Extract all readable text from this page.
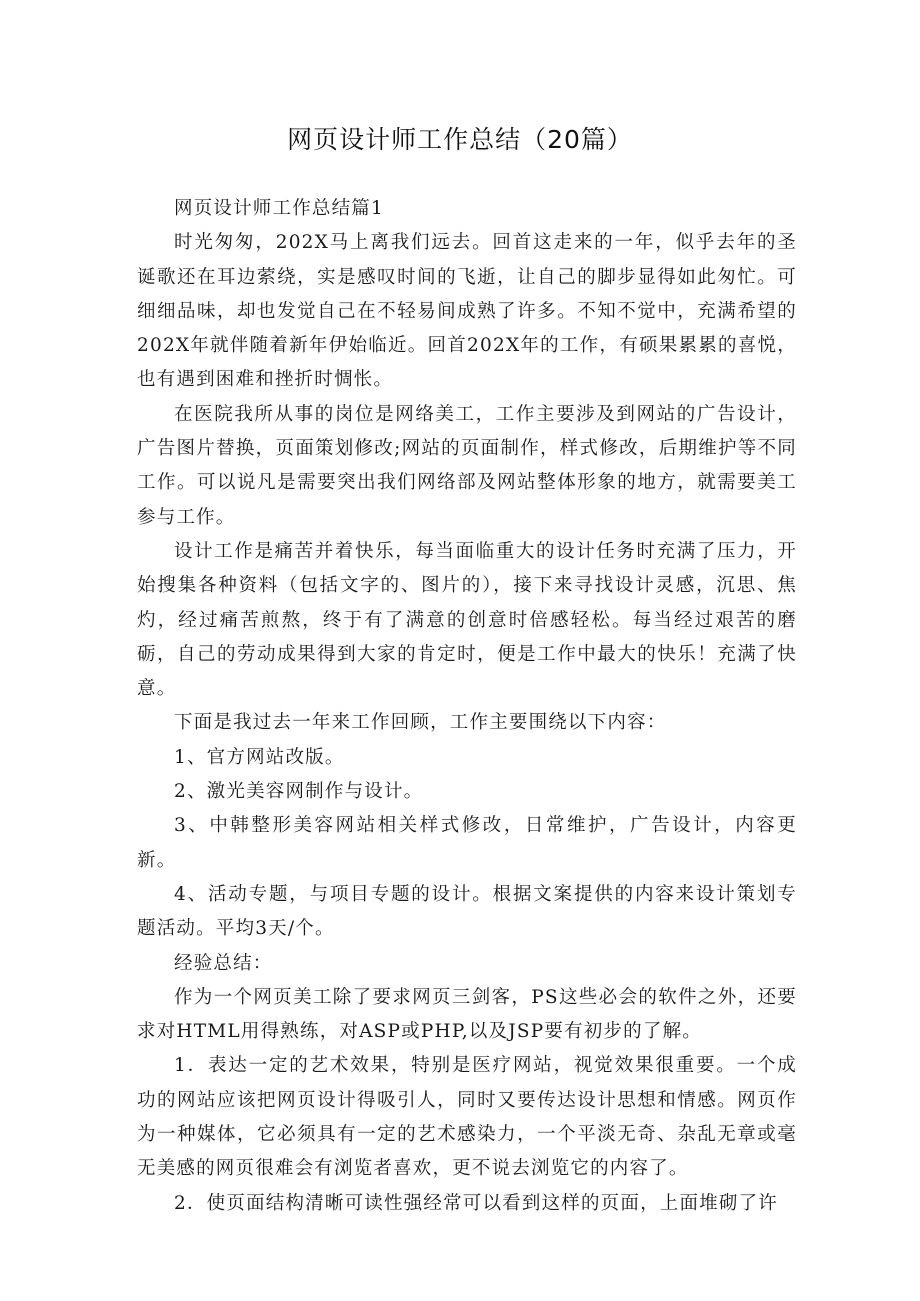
网页设计师工作总结（20篇）

网页设计师工作总结篇1

时光匆匆，202X马上离我们远去。回首这走来的一年，似乎去年的圣诞歌还在耳边萦绕，实是感叹时间的飞逝，让自己的脚步显得如此匆忙。可细细品味，却也发觉自己在不轻易间成熟了许多。不知不觉中，充满希望的202X年就伴随着新年伊始临近。回首202X年的工作，有硕果累累的喜悦，也有遇到困难和挫折时惆怅。

在医院我所从事的岗位是网络美工，工作主要涉及到网站的广告设计，广告图片替换，页面策划修改;网站的页面制作，样式修改，后期维护等不同工作。可以说凡是需要突出我们网络部及网站整体形象的地方，就需要美工参与工作。

设计工作是痛苦并着快乐，每当面临重大的设计任务时充满了压力，开始搜集各种资料（包括文字的、图片的），接下来寻找设计灵感，沉思、焦灼，经过痛苦煎熬，终于有了满意的创意时倍感轻松。每当经过艰苦的磨砺，自己的劳动成果得到大家的肯定时，便是工作中最大的快乐！充满了快意。

下面是我过去一年来工作回顾，工作主要围绕以下内容：

1、官方网站改版。

2、激光美容网制作与设计。

3、中韩整形美容网站相关样式修改，日常维护，广告设计，内容更新。

4、活动专题，与项目专题的设计。根据文案提供的内容来设计策划专题活动。平均3天/个。

经验总结：

作为一个网页美工除了要求网页三剑客，PS这些必会的软件之外，还要求对HTML用得熟练，对ASP或PHP,以及JSP要有初步的了解。

1．表达一定的艺术效果，特别是医疗网站，视觉效果很重要。一个成功的网站应该把网页设计得吸引人，同时又要传达设计思想和情感。网页作为一种媒体，它必须具有一定的艺术感染力，一个平淡无奇、杂乱无章或毫无美感的网页很难会有浏览者喜欢，更不说去浏览它的内容了。

2．使页面结构清晰可读性强经常可以看到这样的页面，上面堆砌了许
